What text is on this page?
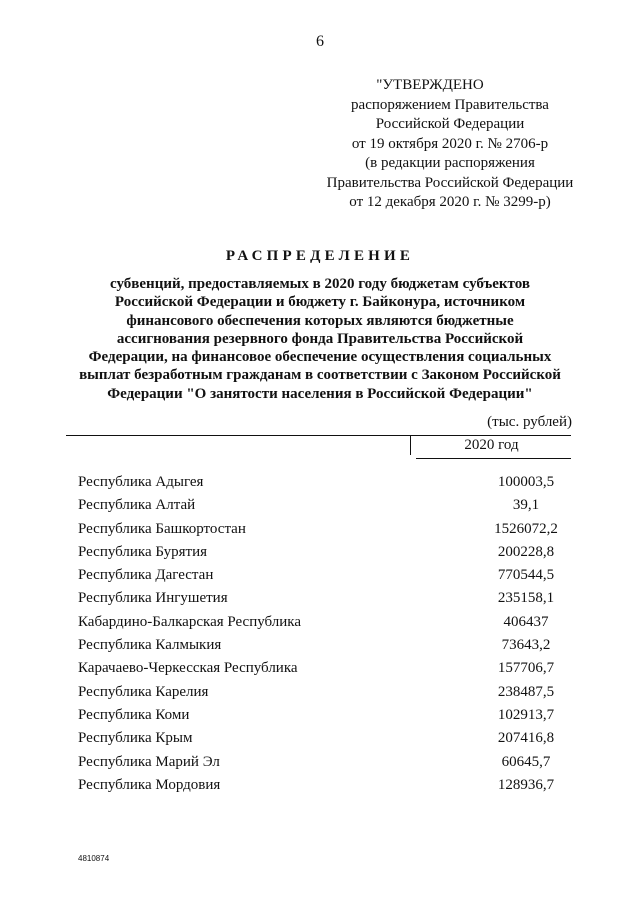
6
"УТВЕРЖДЕНО
распоряжением Правительства
Российской Федерации
от 19 октября 2020 г. № 2706-р
(в редакции распоряжения
Правительства Российской Федерации
от 12 декабря 2020 г. № 3299-р)
РАСПРЕДЕЛЕНИЕ
субвенций, предоставляемых в 2020 году бюджетам субъектов
Российской Федерации и бюджету г. Байконура, источником
финансового обеспечения которых являются бюджетные
ассигнования резервного фонда Правительства Российской
Федерации, на финансовое обеспечение осуществления социальных
выплат безработным гражданам в соответствии с Законом Российской
Федерации "О занятости населения в Российской Федерации"
(тыс. рублей)
2020 год
Республика Адыгея	100003,5
Республика Алтай	39,1
Республика Башкортостан	1526072,2
Республика Бурятия	200228,8
Республика Дагестан	770544,5
Республика Ингушетия	235158,1
Кабардино-Балкарская Республика	406437
Республика Калмыкия	73643,2
Карачаево-Черкесская Республика	157706,7
Республика Карелия	238487,5
Республика Коми	102913,7
Республика Крым	207416,8
Республика Марий Эл	60645,7
Республика Мордовия	128936,7
4810874
